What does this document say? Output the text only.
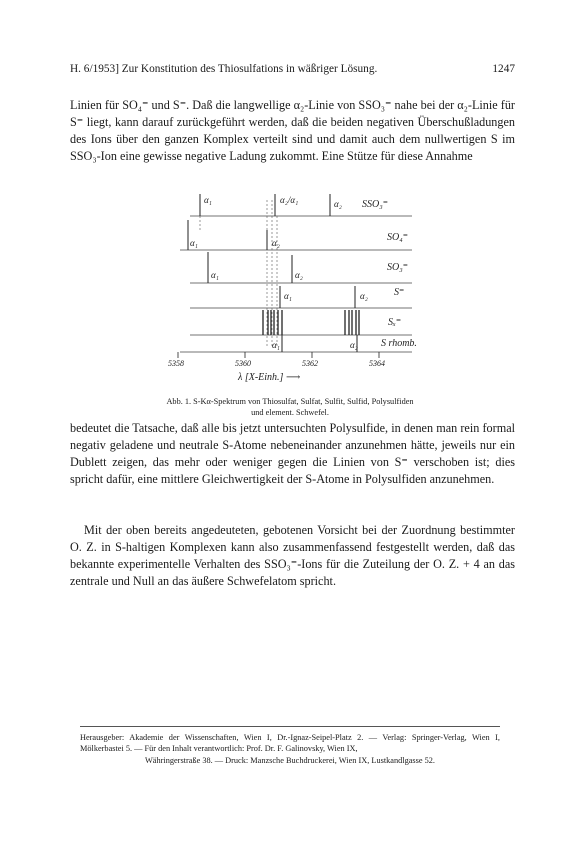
H. 6/1953] Zur Konstitution des Thiosulfations in wäßriger Lösung.	1247

Linien für SO₄⁼ und S⁼. Daß die langwellige α₂-Linie von SSO₃⁼ nahe bei der α₂-Linie für S⁼ liegt, kann darauf zurückgeführt werden, daß die beiden negativen Überschußladungen des Ions über den ganzen Komplex verteilt sind und damit auch dem nullwertigen S im SSO₃-Ion eine gewisse negative Ladung zukommt. Eine Stütze für diese Annahme

α₁	α₂/α₁	α₂ SSO₃⁼
α₁	α₂	SO₄⁼
α₁	α₂
SO₃⁼
α₁	α₂	S⁼
Sₓ⁼
α₁	α₂ S rhomb.
5358	5360	5362	5364
λ [X-Einh.] ⟶
Abb. 1. S-Kα-Spektrum von Thiosulfat, Sulfat, Sulfit, Sulfid, Polysulfiden
und element. Schwefel.

bedeutet die Tatsache, daß alle bis jetzt untersuchten Polysulfide, in denen man rein formal negativ geladene und neutrale S-Atome nebeneinander anzunehmen hätte, jeweils nur ein Dublett zeigen, das mehr oder weniger gegen die Linien von S⁼ verschoben ist; dies spricht dafür, eine mittlere Gleichwertigkeit der S-Atome in Polysulfiden anzunehmen.

Mit der oben bereits angedeuteten, gebotenen Vorsicht bei der Zuordnung bestimmter O. Z. in S-haltigen Komplexen kann also zusammenfassend festgestellt werden, daß das bekannte experimentelle Verhalten des SSO₃⁼-Ions für die Zuteilung der O. Z. + 4 an das zentrale und Null an das äußere Schwefelatom spricht.

Herausgeber: Akademie der Wissenschaften, Wien I, Dr.-Ignaz-Seipel-Platz 2. — Verlag: Springer-Verlag, Wien I, Mölkerbastei 5. — Für den Inhalt verantwortlich: Prof. Dr. F. Galinovsky, Wien IX,
Währingerstraße 38. — Druck: Manzsche Buchdruckerei, Wien IX, Lustkandlgasse 52.
